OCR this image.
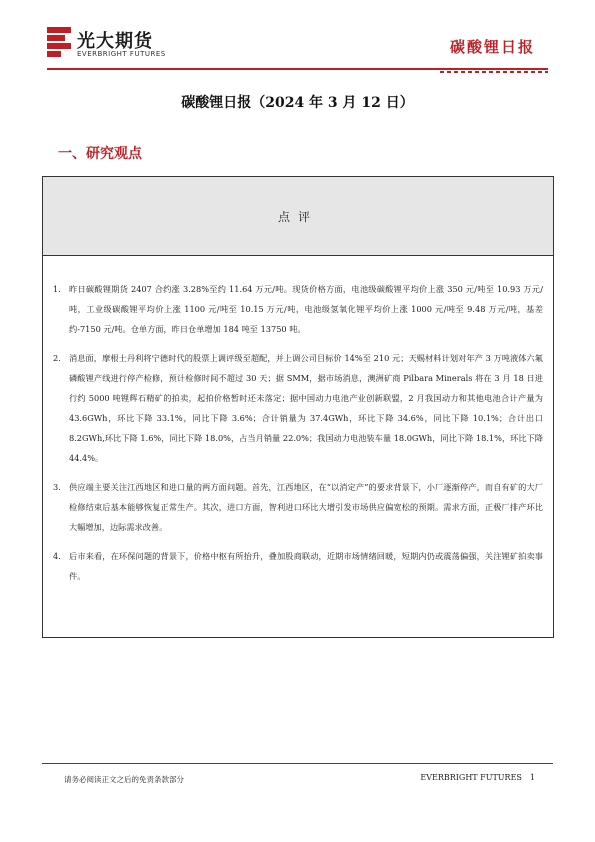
光大期货
EVERBRIGHT FUTURES	碳酸锂日报
碳酸锂日报（2024 年 3 月 12 日）
一、研究观点
点评
1. 昨日碳酸锂期货 2407 合约涨 3.28%至约 11.64 万元/吨。现货价格方面，电池级碳酸锂平均价上涨 350 元/吨至 10.93 万元/吨，工业级碳酸锂平均价上涨 1100 元/吨至 10.15 万元/吨，电池级氢氧化锂平均价上涨 1000 元/吨至 9.48 万元/吨，基差约-7150 元/吨。仓单方面，昨日仓单增加 184 吨至 13750 吨。
2. 消息面，摩根士丹利将宁德时代的股票上调评级至超配，并上调公司目标价 14%至 210 元；天赐材料计划对年产 3 万吨液体六氟磷酸锂产线进行停产检修，预计检修时间不超过 30 天；据 SMM，据市场消息，澳洲矿商 Pilbara Minerals 将在 3 月 18 日进行约 5000 吨锂辉石精矿的拍卖，起拍价格暂时还未落定；据中国动力电池产业创新联盟，2 月我国动力和其他电池合计产量为 43.6GWh，环比下降 33.1%，同比下降 3.6%；合计销量为 37.4GWh，环比下降 34.6%，同比下降 10.1%；合计出口 8.2GWh,环比下降 1.6%，同比下降 18.0%，占当月销量 22.0%；我国动力电池装车量 18.0GWh，同比下降 18.1%，环比下降 44.4%。
3. 供应端主要关注江西地区和进口量的两方面问题。首先，江西地区，在“以消定产”的要求背景下，小厂逐渐停产，而自有矿的大厂检修结束后基本能够恢复正常生产。其次，进口方面，智利进口环比大增引发市场供应偏宽松的预期。需求方面，正极厂排产环比大幅增加，边际需求改善。
4. 后市来看，在环保问题的背景下，价格中枢有所抬升，叠加股商联动，近期市场情绪回暖，短期内仍或震荡偏强，关注锂矿拍卖事件。
请务必阅读正文之后的免责条款部分	EVERBRIGHT FUTURES 1
